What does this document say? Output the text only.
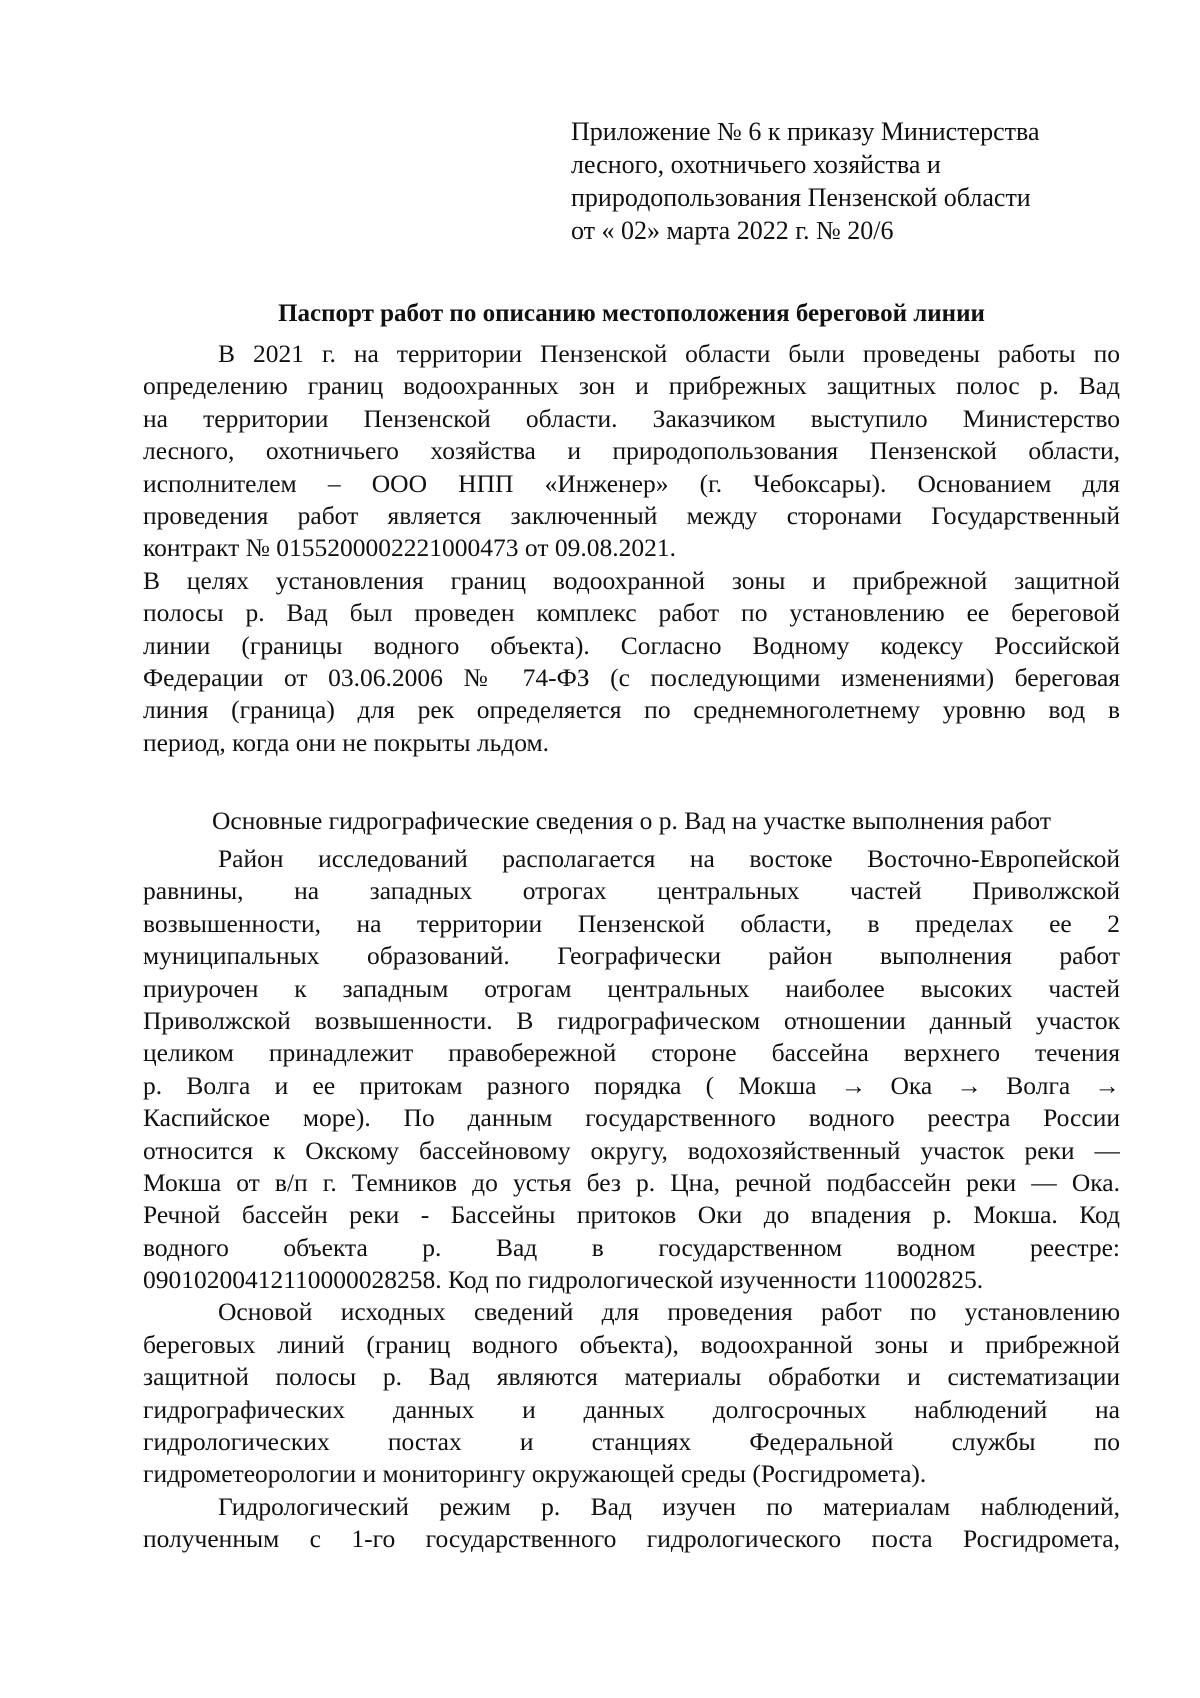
Приложение № 6 к приказу Министерства
лесного, охотничьего хозяйства и
природопользования Пензенской области
от « 02» марта 2022 г. № 20/6
Паспорт работ по описанию местоположения береговой линии
В 2021 г. на территории Пензенской области были проведены работы по
определению границ водоохранных зон и прибрежных защитных полос р. Вад
на территории Пензенской области. Заказчиком выступило Министерство
лесного, охотничьего хозяйства и природопользования Пензенской области,
исполнителем – ООО НПП «Инженер» (г. Чебоксары). Основанием для
проведения работ является заключенный между сторонами Государственный
контракт № 0155200002221000473 от 09.08.2021.
В целях установления границ водоохранной зоны и прибрежной защитной
полосы р. Вад был проведен комплекс работ по установлению ее береговой
линии (границы водного объекта). Согласно Водному кодексу Российской
Федерации от 03.06.2006 № 74-ФЗ (с последующими изменениями) береговая
линия (граница) для рек определяется по среднемноголетнему уровню вод в
период, когда они не покрыты льдом.
Основные гидрографические сведения о р. Вад на участке выполнения работ
Район исследований располагается на востоке Восточно-Европейской
равнины, на западных отрогах центральных частей Приволжской
возвышенности, на территории Пензенской области, в пределах ее 2
муниципальных образований. Географически район выполнения работ
приурочен к западным отрогам центральных наиболее высоких частей
Приволжской возвышенности. В гидрографическом отношении данный участок
целиком принадлежит правобережной стороне бассейна верхнего течения
р. Волга и ее притокам разного порядка ( Мокша → Ока → Волга →
Каспийское море). По данным государственного водного реестра России
относится к Окскому бассейновому округу, водохозяйственный участок реки —
Мокша от в/п г. Темников до устья без р. Цна, речной подбассейн реки — Ока.
Речной бассейн реки - Бассейны притоков Оки до впадения р. Мокша. Код
водного объекта р. Вад в государственном водном реестре:
09010200412110000028258. Код по гидрологической изученности 110002825.
Основой исходных сведений для проведения работ по установлению
береговых линий (границ водного объекта), водоохранной зоны и прибрежной
защитной полосы р. Вад являются материалы обработки и систематизации
гидрографических данных и данных долгосрочных наблюдений на
гидрологических постах и станциях Федеральной службы по
гидрометеорологии и мониторингу окружающей среды (Росгидромета).
Гидрологический режим р. Вад изучен по материалам наблюдений,
полученным с 1-го государственного гидрологического поста Росгидромета,
